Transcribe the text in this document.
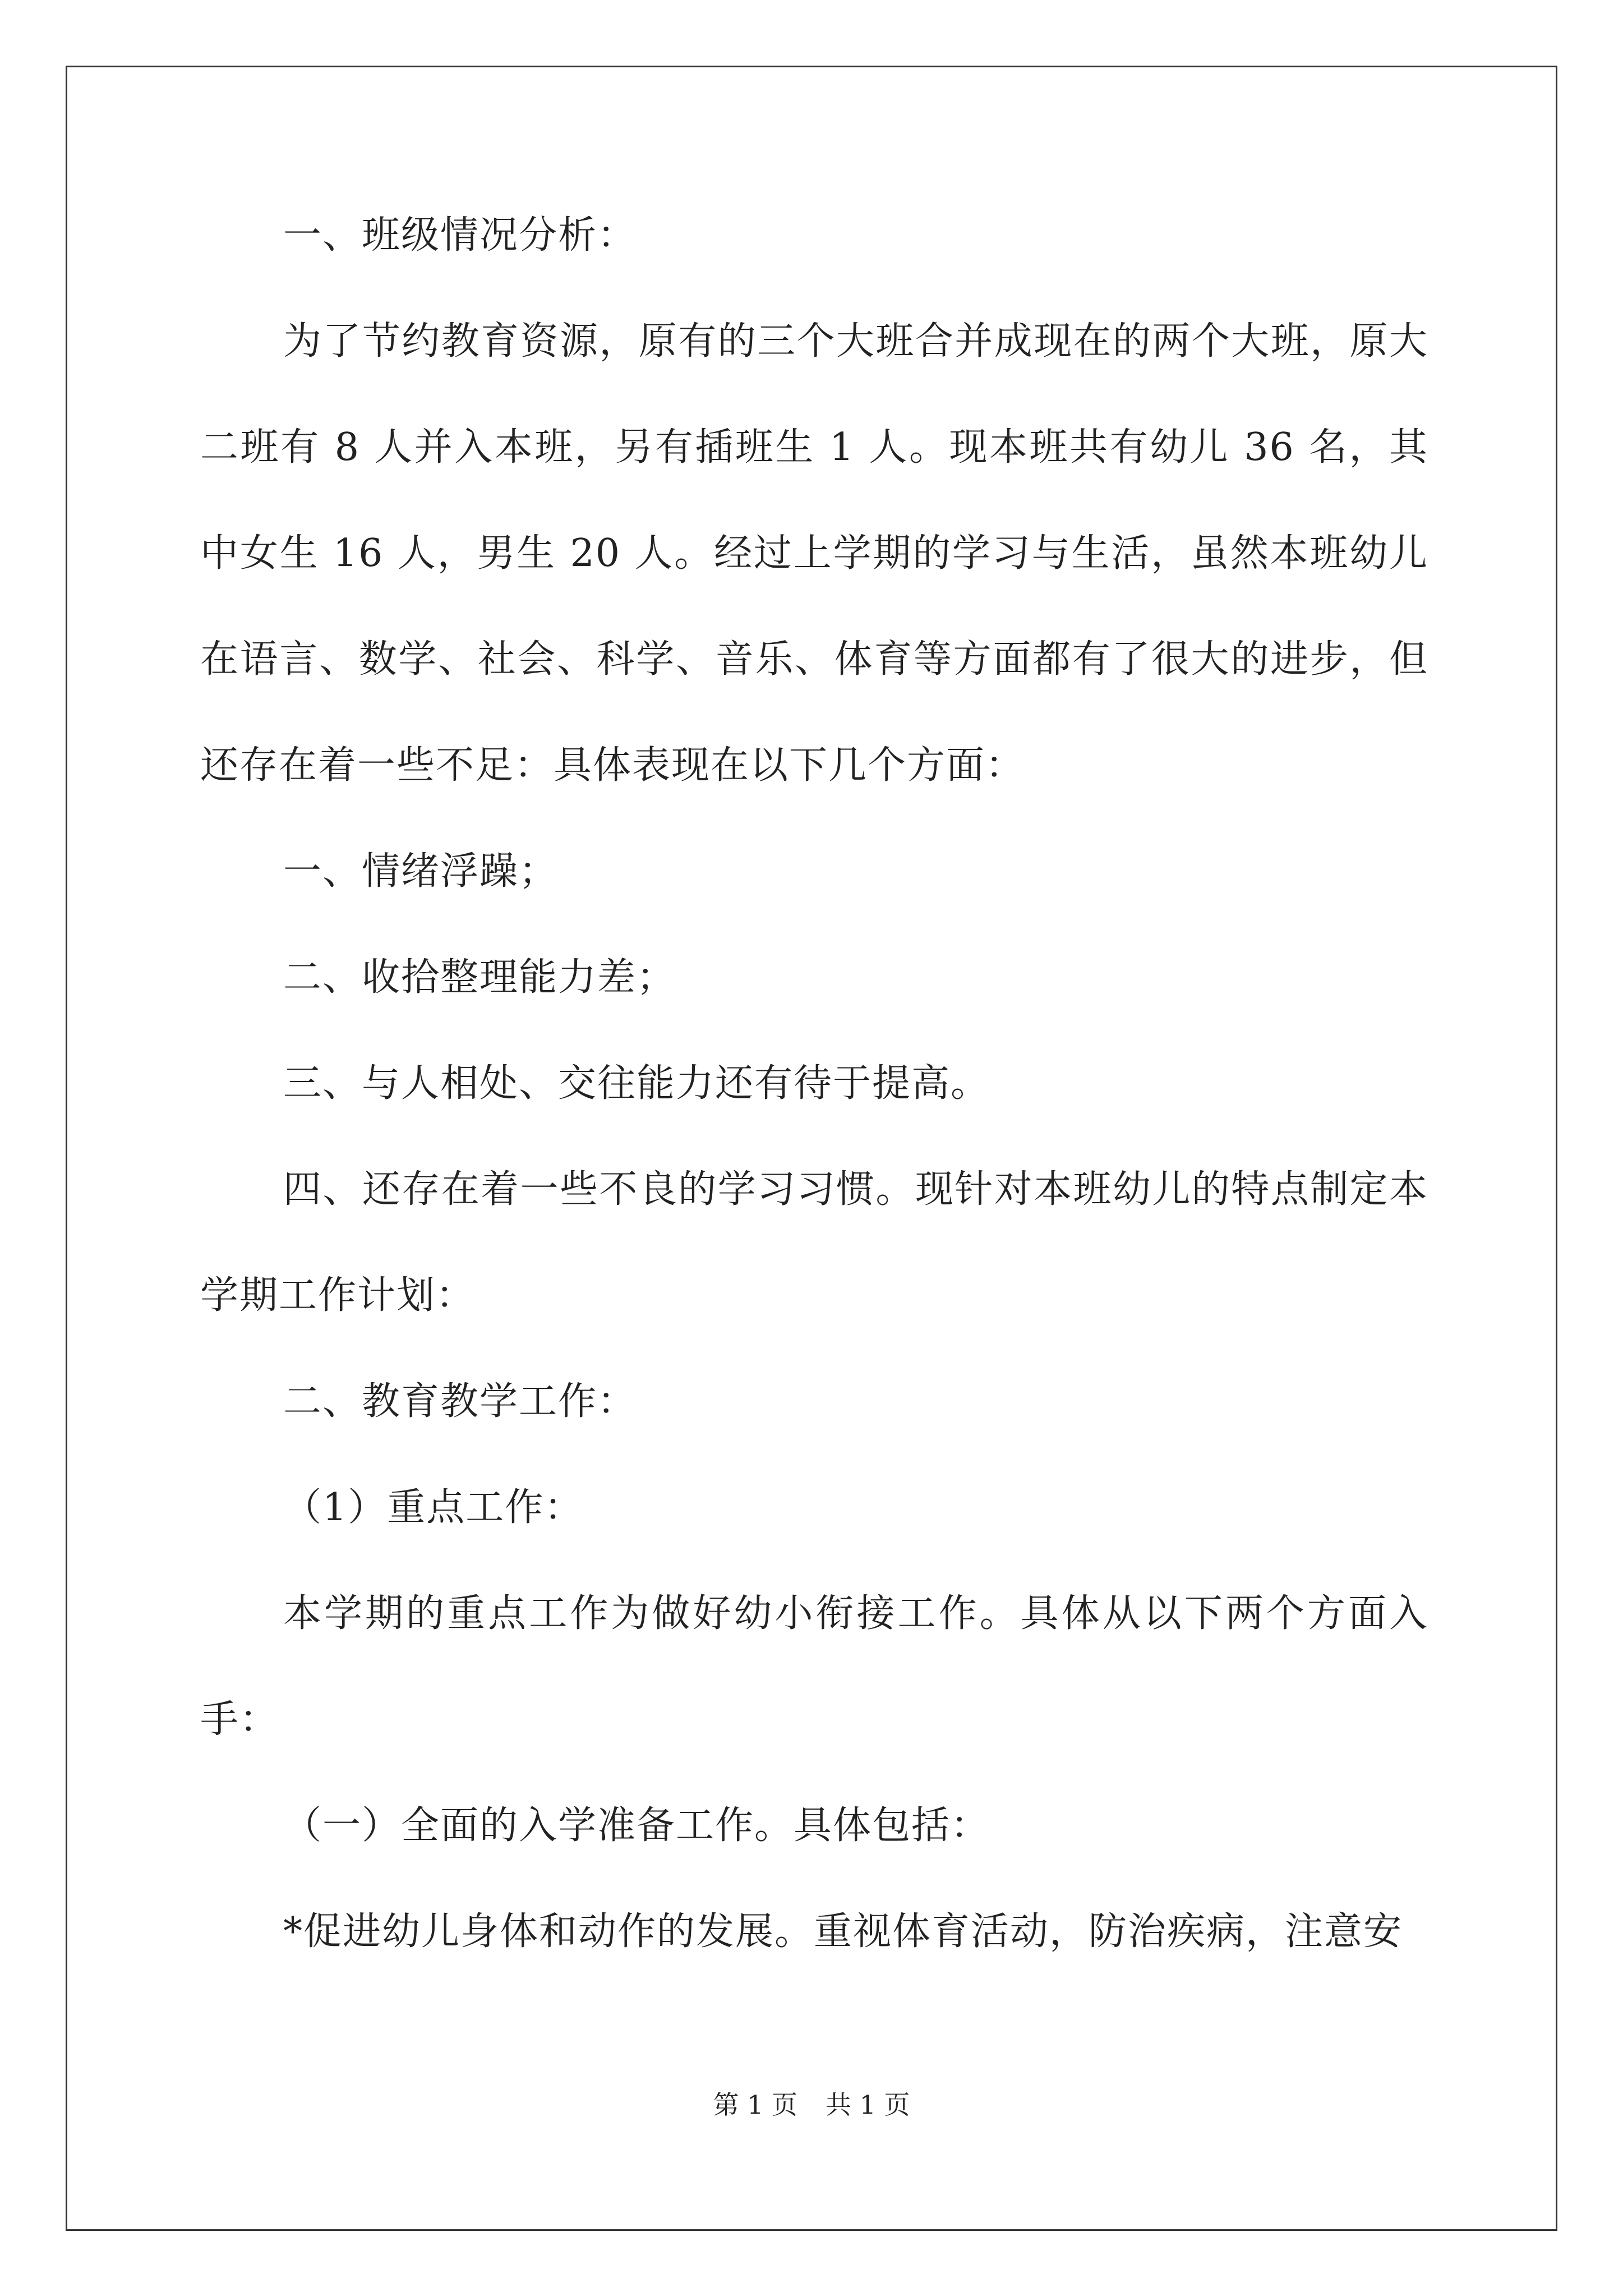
一、班级情况分析：

为了节约教育资源，原有的三个大班合并成现在的两个大班，原大二班有 8 人并入本班，另有插班生 1 人。现本班共有幼儿 36 名，其中女生 16 人，男生 20 人。经过上学期的学习与生活，虽然本班幼儿在语言、数学、社会、科学、音乐、体育等方面都有了很大的进步，但还存在着一些不足：具体表现在以下几个方面：

一、情绪浮躁；

二、收拾整理能力差；

三、与人相处、交往能力还有待于提高。

四、还存在着一些不良的学习习惯。现针对本班幼儿的特点制定本学期工作计划：

二、教育教学工作：

（1）重点工作：

本学期的重点工作为做好幼小衔接工作。具体从以下两个方面入手：

（一）全面的入学准备工作。具体包括：

*促进幼儿身体和动作的发展。重视体育活动，防治疾病，注意安

第 1 页 共 1 页
